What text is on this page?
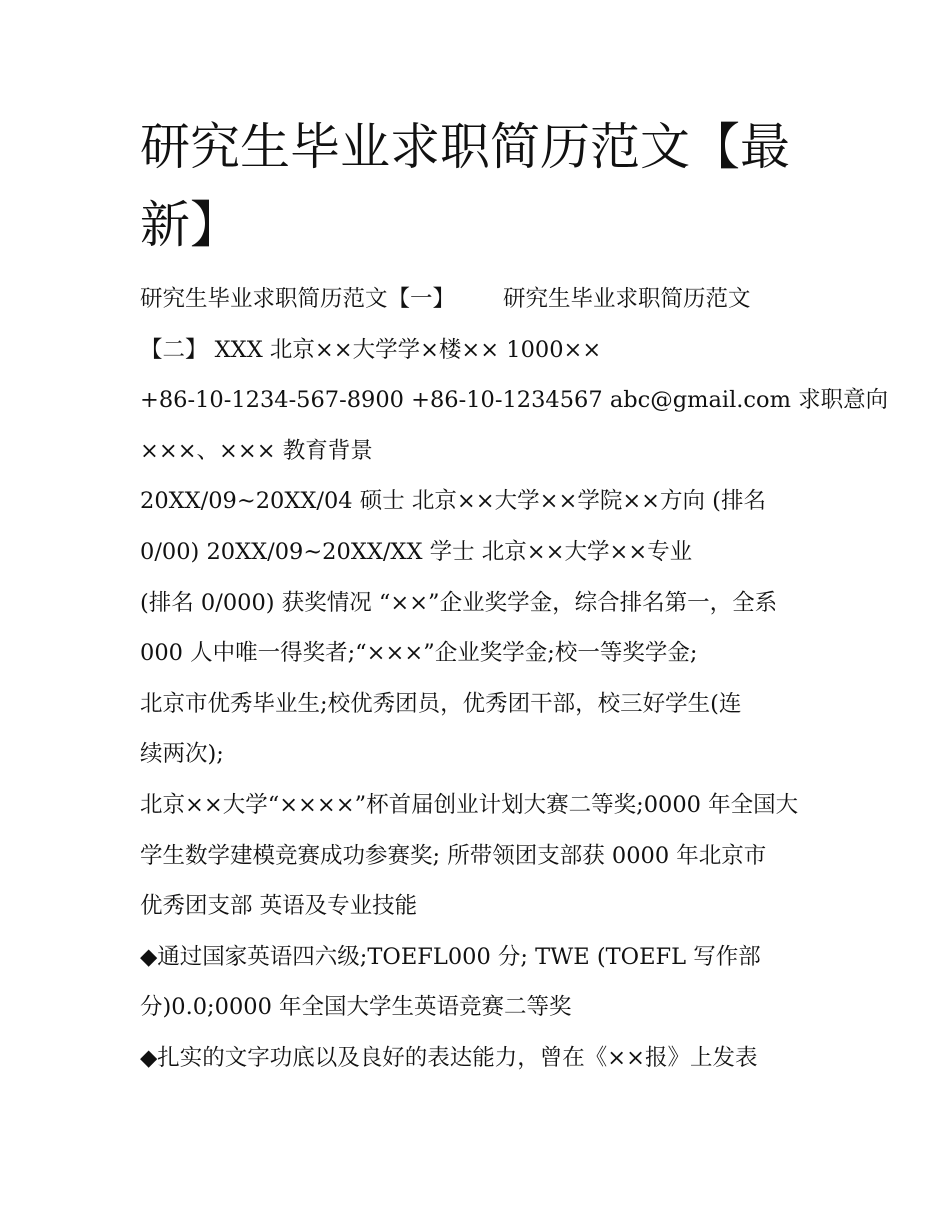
研究生毕业求职简历范文【最新】
研究生毕业求职简历范文【一】 研究生毕业求职简历范文
【二】 XXX 北京××大学学×楼×× 1000××
+86-10-1234-567-8900 +86-10-1234567 abc@gmail.com 求职意向
×××、××× 教育背景
20XX/09~20XX/04 硕士 北京××大学××学院××方向 (排名
0/00) 20XX/09~20XX/XX 学士 北京××大学××专业
(排名 0/000) 获奖情况 “××”企业奖学金，综合排名第一，全系
000 人中唯一得奖者;“×××”企业奖学金;校一等奖学金;
北京市优秀毕业生;校优秀团员，优秀团干部，校三好学生(连
续两次);
北京××大学“××××”杯首届创业计划大赛二等奖;0000 年全国大
学生数学建模竞赛成功参赛奖; 所带领团支部获 0000 年北京市
优秀团支部 英语及专业技能
◆通过国家英语四六级;TOEFL000 分; TWE (TOEFL 写作部
分)0.0;0000 年全国大学生英语竞赛二等奖
◆扎实的文字功底以及良好的表达能力，曾在《××报》上发表
